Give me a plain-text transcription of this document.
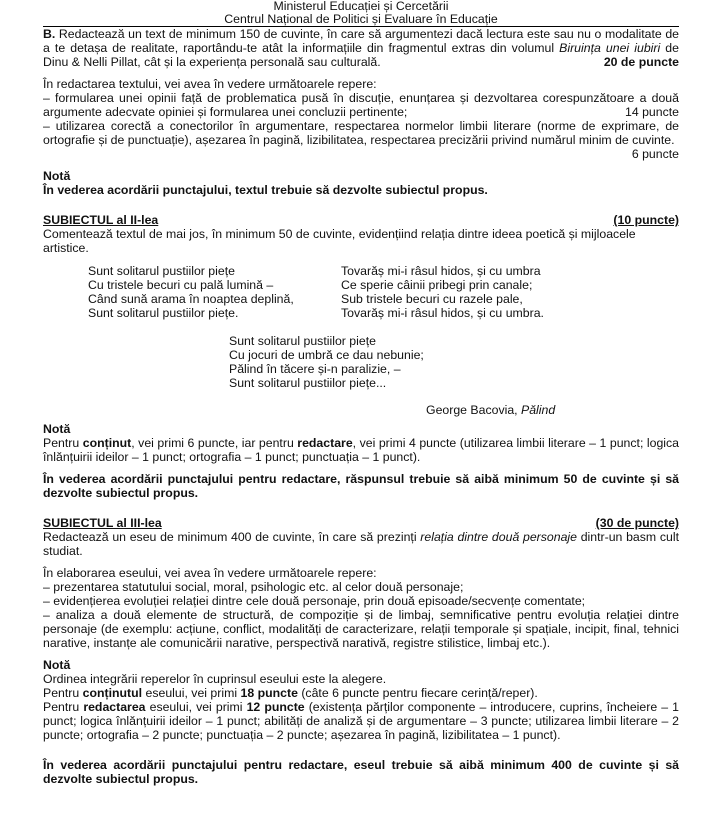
Ministerul Educației și Cercetării
Centrul Național de Politici și Evaluare în Educație

B. Redactează un text de minimum 150 de cuvinte, în care să argumentezi dacă lectura este sau nu o modalitate de a te detașa de realitate, raportându-te atât la informațiile din fragmentul extras din volumul Biruința unei iubiri de Dinu & Nelli Pillat, cât și la experiența personală sau culturală.	20 de puncte

În redactarea textului, vei avea în vedere următoarele repere:

– formularea unei opinii față de problematica pusă în discuție, enunțarea și dezvoltarea corespunzătoare a două argumente adecvate opiniei și formularea unei concluzii pertinente;	14 puncte

– utilizarea corectă a conectorilor în argumentare, respectarea normelor limbii literare (norme de exprimare, de ortografie și de punctuație), așezarea în pagină, lizibilitatea, respectarea precizării privind numărul minim de cuvinte.

6 puncte

Notă

În vederea acordării punctajului, textul trebuie să dezvolte subiectul propus.

SUBIECTUL al II-lea	(10 puncte)

Comentează textul de mai jos, în minimum 50 de cuvinte, evidențiind relația dintre ideea poetică și mijloacele artistice.

Sunt solitarul pustiilor piețe
Cu tristele becuri cu pală lumină –
Când sună arama în noaptea deplină,
Sunt solitarul pustiilor piețe.
Tovarăș mi-i râsul hidos, și cu umbra
Ce sperie câinii pribegi prin canale;
Sub tristele becuri cu razele pale,
Tovarăș mi-i râsul hidos, și cu umbra.
Sunt solitarul pustiilor piețe
Cu jocuri de umbră ce dau nebunie;
Pălind în tăcere și-n paralizie, –
Sunt solitarul pustiilor piețe...
George Bacovia, Pălind

Notă

Pentru conținut, vei primi 6 puncte, iar pentru redactare, vei primi 4 puncte (utilizarea limbii literare – 1 punct; logica înlănțuirii ideilor – 1 punct; ortografia – 1 punct; punctuația – 1 punct).

În vederea acordării punctajului pentru redactare, răspunsul trebuie să aibă minimum 50 de cuvinte și să dezvolte subiectul propus.

SUBIECTUL al III-lea	(30 de puncte)

Redactează un eseu de minimum 400 de cuvinte, în care să prezinți relația dintre două personaje dintr-un basm cult studiat.

În elaborarea eseului, vei avea în vedere următoarele repere:

– prezentarea statutului social, moral, psihologic etc. al celor două personaje;

– evidențierea evoluției relației dintre cele două personaje, prin două episoade/secvențe comentate;

– analiza a două elemente de structură, de compoziție și de limbaj, semnificative pentru evoluția relației dintre personaje (de exemplu: acțiune, conflict, modalități de caracterizare, relații temporale și spațiale, incipit, final, tehnici narative, instanțe ale comunicării narative, perspectivă narativă, registre stilistice, limbaj etc.).

Notă

Ordinea integrării reperelor în cuprinsul eseului este la alegere.

Pentru conținutul eseului, vei primi 18 puncte (câte 6 puncte pentru fiecare cerință/reper).

Pentru redactarea eseului, vei primi 12 puncte (existența părților componente – introducere, cuprins, încheiere – 1 punct; logica înlănțuirii ideilor – 1 punct; abilități de analiză și de argumentare – 3 puncte; utilizarea limbii literare – 2 puncte; ortografia – 2 puncte; punctuația – 2 puncte; așezarea în pagină, lizibilitatea – 1 punct).

În vederea acordării punctajului pentru redactare, eseul trebuie să aibă minimum 400 de cuvinte și să dezvolte subiectul propus.
